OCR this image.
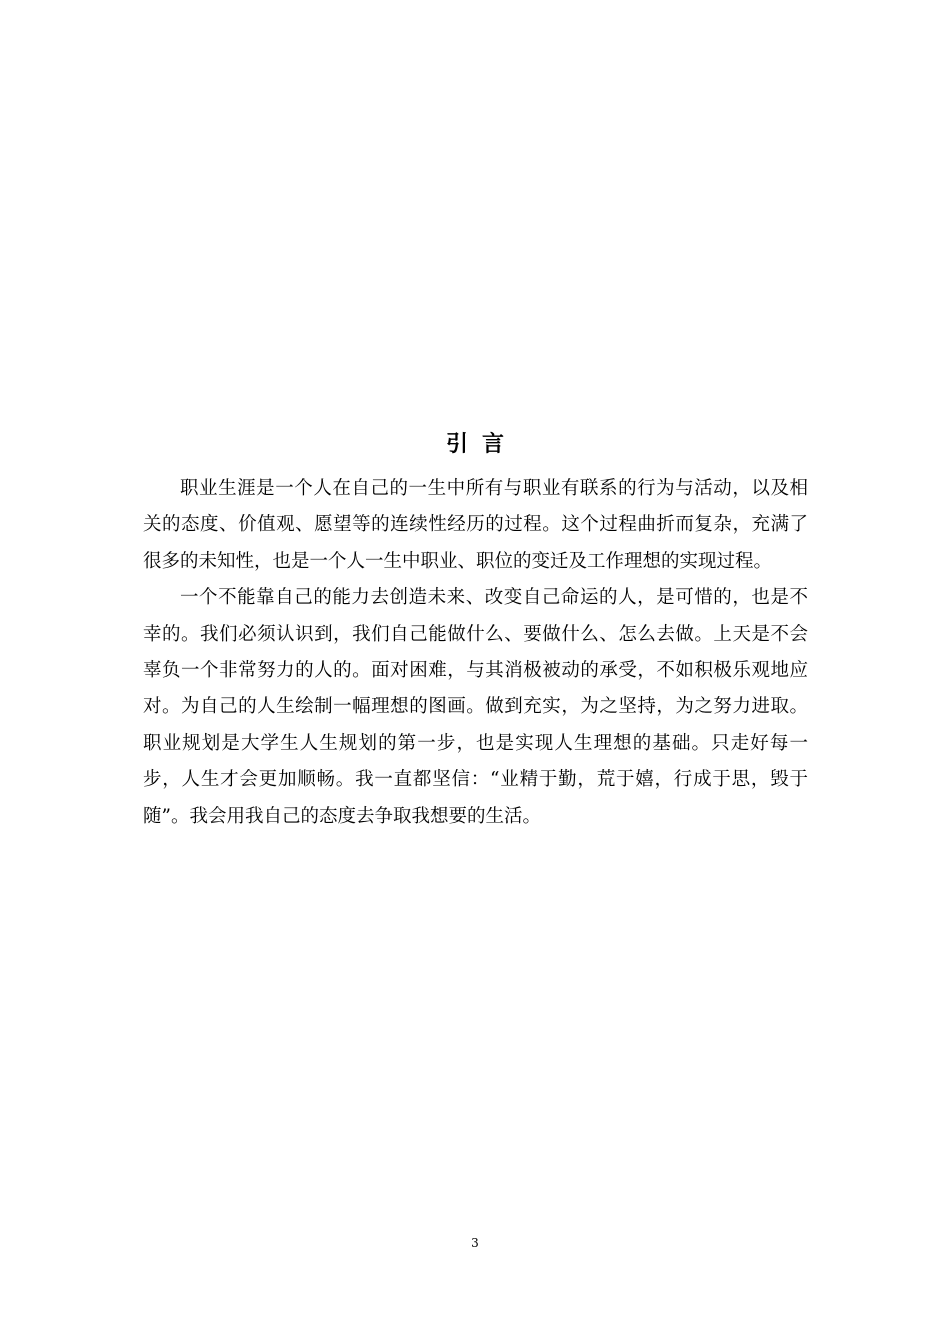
引言

职业生涯是一个人在自己的一生中所有与职业有联系的行为与活动，以及相关的态度、价值观、愿望等的连续性经历的过程。这个过程曲折而复杂，充满了很多的未知性，也是一个人一生中职业、职位的变迁及工作理想的实现过程。

一个不能靠自己的能力去创造未来、改变自己命运的人，是可惜的，也是不幸的。我们必须认识到，我们自己能做什么、要做什么、怎么去做。上天是不会辜负一个非常努力的人的。面对困难，与其消极被动的承受，不如积极乐观地应对。为自己的人生绘制一幅理想的图画。做到充实，为之坚持，为之努力进取。职业规划是大学生人生规划的第一步，也是实现人生理想的基础。只走好每一步，人生才会更加顺畅。我一直都坚信：“业精于勤，荒于嬉，行成于思，毁于随”。我会用我自己的态度去争取我想要的生活。

3
